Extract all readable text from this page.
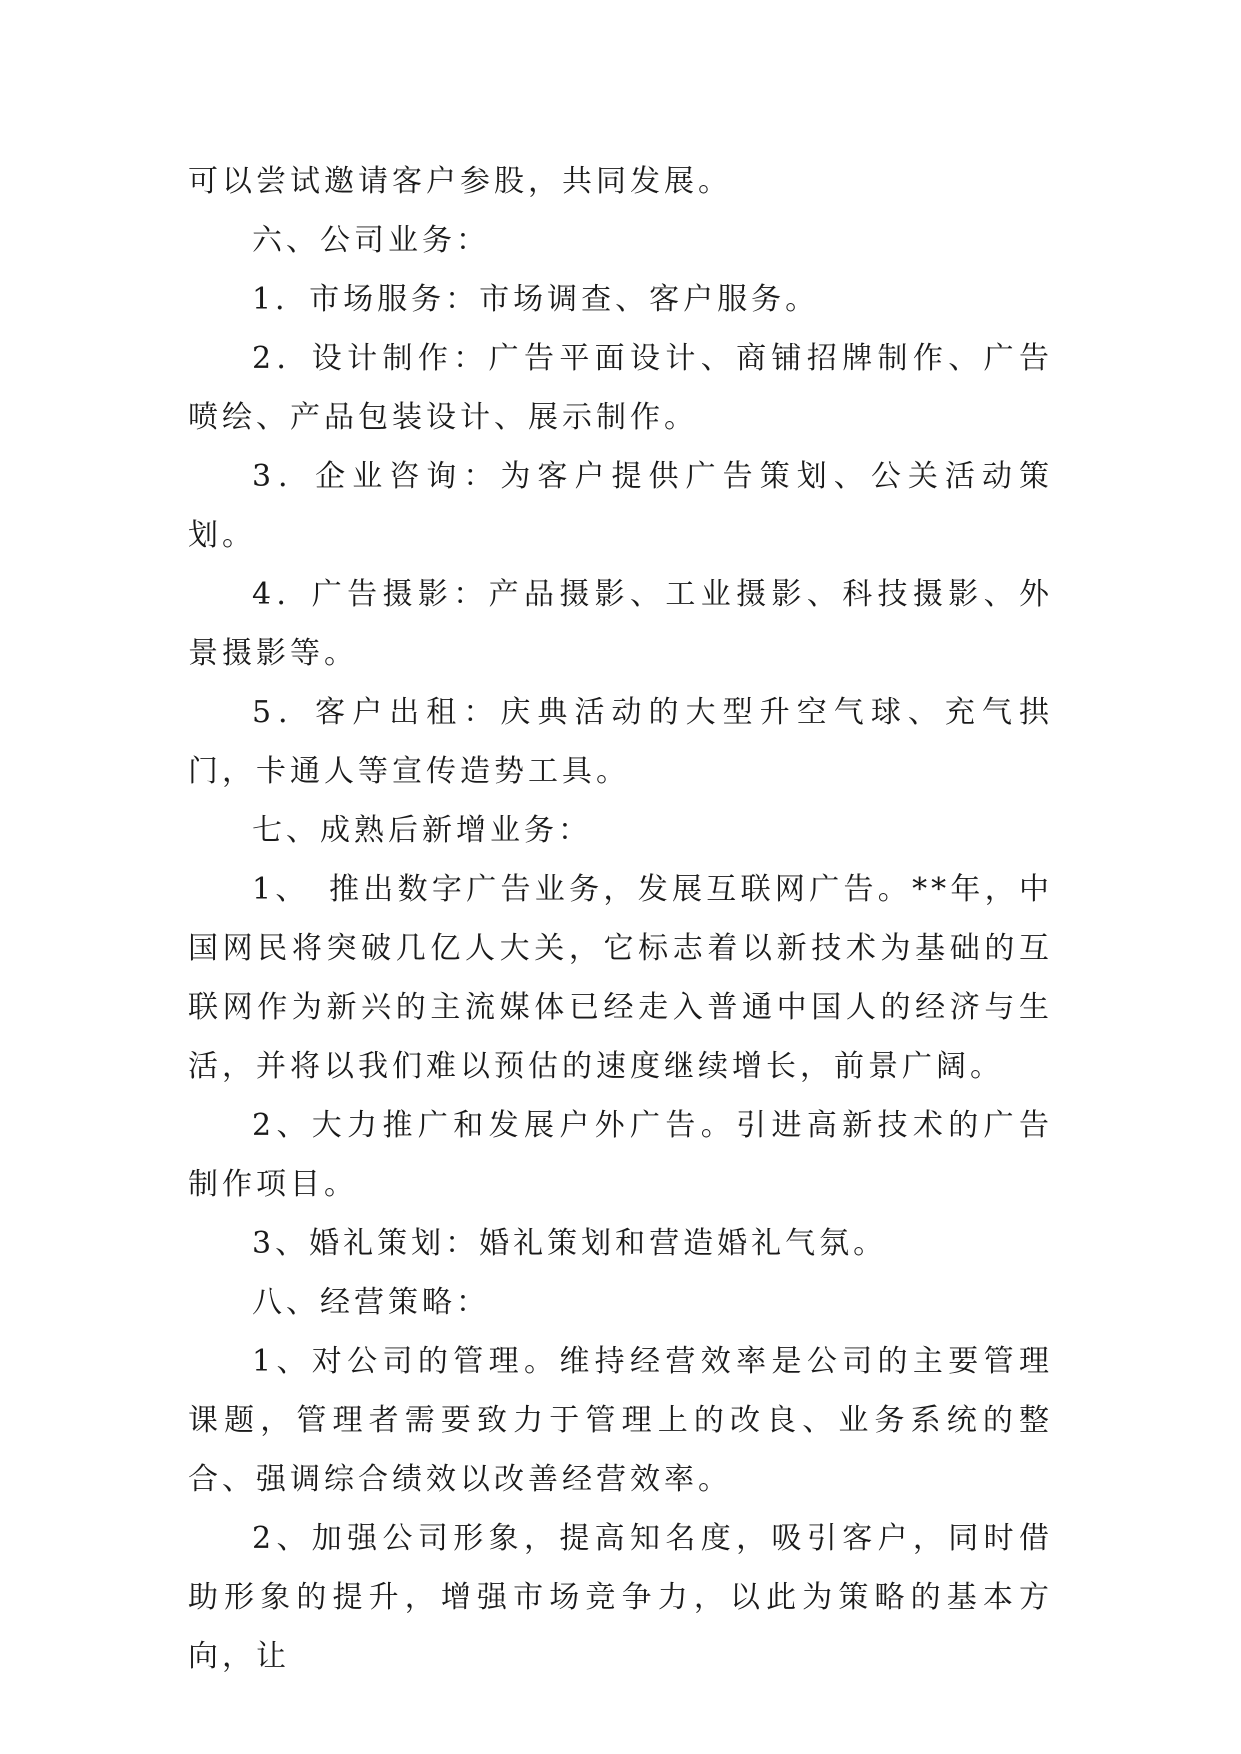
可以尝试邀请客户参股，共同发展。

六、公司业务：

1．市场服务：市场调查、客户服务。

2．设计制作：广告平面设计、商铺招牌制作、广告喷绘、产品包装设计、展示制作。

3．企业咨询：为客户提供广告策划、公关活动策划。

4．广告摄影：产品摄影、工业摄影、科技摄影、外景摄影等。

5．客户出租：庆典活动的大型升空气球、充气拱门，卡通人等宣传造势工具。

七、成熟后新增业务：

1、　推出数字广告业务，发展互联网广告。**年，中国网民将突破几亿人大关，它标志着以新技术为基础的互联网作为新兴的主流媒体已经走入普通中国人的经济与生活，并将以我们难以预估的速度继续增长，前景广阔。

2、大力推广和发展户外广告。引进高新技术的广告制作项目。

3、婚礼策划：婚礼策划和营造婚礼气氛。

八、经营策略：

1、对公司的管理。维持经营效率是公司的主要管理课题，管理者需要致力于管理上的改良、业务系统的整合、强调综合绩效以改善经营效率。

2、加强公司形象，提高知名度，吸引客户，同时借助形象的提升，增强市场竞争力，以此为策略的基本方向，让
